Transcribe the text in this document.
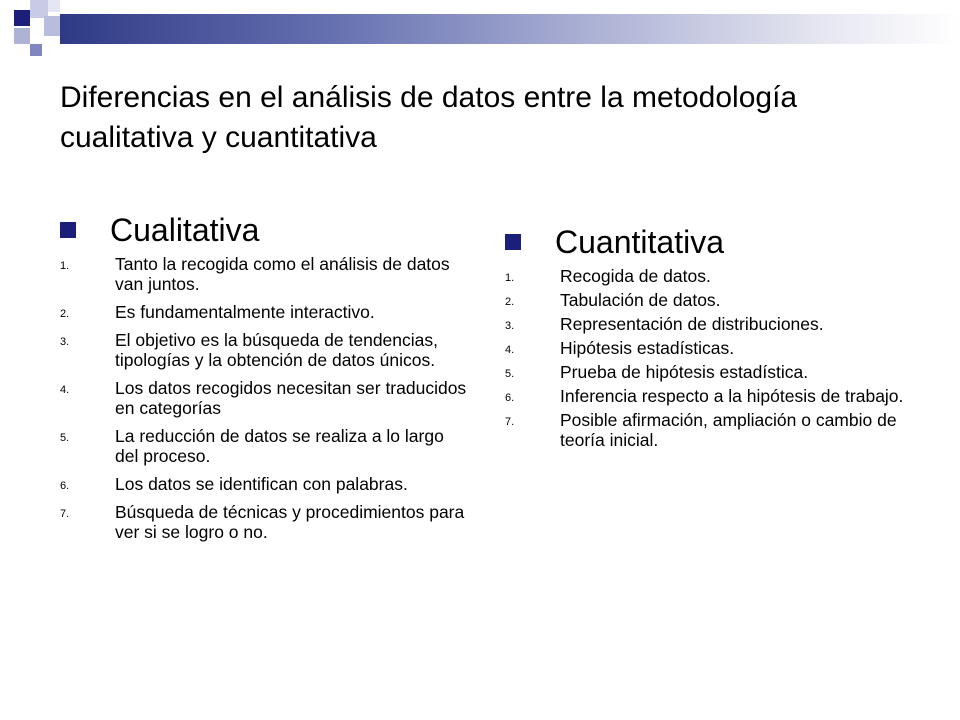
Diferencias en el análisis de datos entre la metodología cualitativa y cuantitativa
Cualitativa
1.	Tanto la recogida como el análisis de datos van juntos.
2.	Es fundamentalmente interactivo.
3.	El objetivo es la búsqueda de tendencias, tipologías y la obtención de datos únicos.
4.	Los datos recogidos necesitan ser traducidos en categorías
5.	La reducción de datos se realiza a lo largo del proceso.
6.	Los datos se identifican con palabras.
7.	Búsqueda de técnicas y procedimientos para ver si se logro o no.
Cuantitativa
1.	Recogida de datos.
2.	Tabulación de datos.
3.	Representación de distribuciones.
4.	Hipótesis estadísticas.
5.	Prueba de hipótesis estadística.
6.	Inferencia respecto a la hipótesis de trabajo.
7.	Posible afirmación, ampliación o cambio de teoría inicial.
